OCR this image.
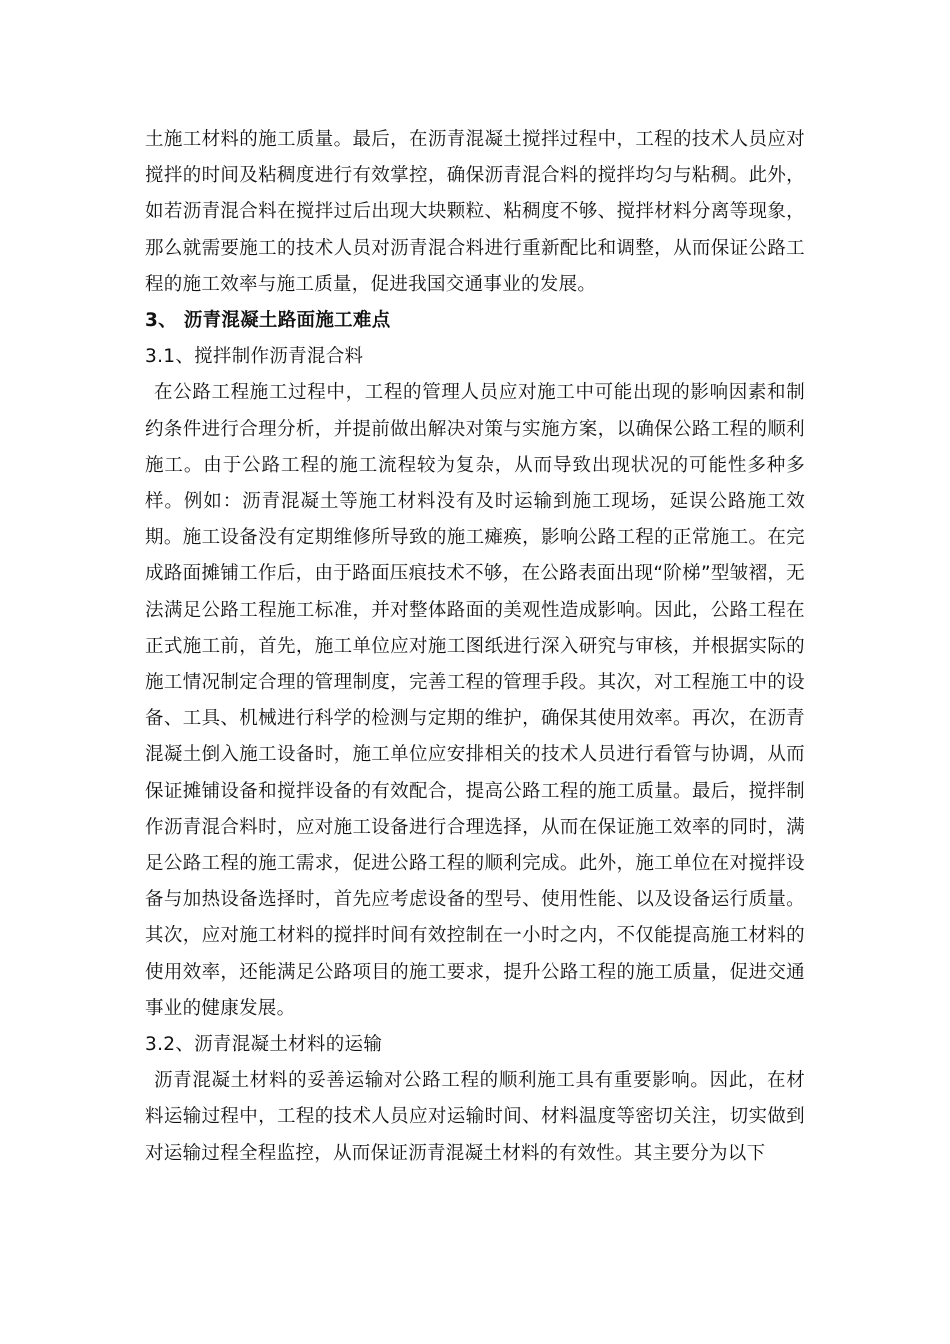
土施工材料的施工质量。最后，在沥青混凝土搅拌过程中，工程的技术人员应对搅拌的时间及粘稠度进行有效掌控，确保沥青混合料的搅拌均匀与粘稠。此外，如若沥青混合料在搅拌过后出现大块颗粒、粘稠度不够、搅拌材料分离等现象，那么就需要施工的技术人员对沥青混合料进行重新配比和调整，从而保证公路工程的施工效率与施工质量，促进我国交通事业的发展。

3、 沥青混凝土路面施工难点

3.1、搅拌制作沥青混合料

在公路工程施工过程中，工程的管理人员应对施工中可能出现的影响因素和制约条件进行合理分析，并提前做出解决对策与实施方案，以确保公路工程的顺利施工。由于公路工程的施工流程较为复杂，从而导致出现状况的可能性多种多样。例如：沥青混凝土等施工材料没有及时运输到施工现场，延误公路施工效期。施工设备没有定期维修所导致的施工瘫痪，影响公路工程的正常施工。在完成路面摊铺工作后，由于路面压痕技术不够，在公路表面出现“阶梯”型皱褶，无法满足公路工程施工标准，并对整体路面的美观性造成影响。因此，公路工程在正式施工前，首先，施工单位应对施工图纸进行深入研究与审核，并根据实际的施工情况制定合理的管理制度，完善工程的管理手段。其次，对工程施工中的设备、工具、机械进行科学的检测与定期的维护，确保其使用效率。再次，在沥青混凝土倒入施工设备时，施工单位应安排相关的技术人员进行看管与协调，从而保证摊铺设备和搅拌设备的有效配合，提高公路工程的施工质量。最后，搅拌制作沥青混合料时，应对施工设备进行合理选择，从而在保证施工效率的同时，满足公路工程的施工需求，促进公路工程的顺利完成。此外，施工单位在对搅拌设备与加热设备选择时，首先应考虑设备的型号、使用性能、以及设备运行质量。其次，应对施工材料的搅拌时间有效控制在一小时之内，不仅能提高施工材料的使用效率，还能满足公路项目的施工要求，提升公路工程的施工质量，促进交通事业的健康发展。

3.2、沥青混凝土材料的运输

沥青混凝土材料的妥善运输对公路工程的顺利施工具有重要影响。因此，在材料运输过程中，工程的技术人员应对运输时间、材料温度等密切关注，切实做到对运输过程全程监控，从而保证沥青混凝土材料的有效性。其主要分为以下
